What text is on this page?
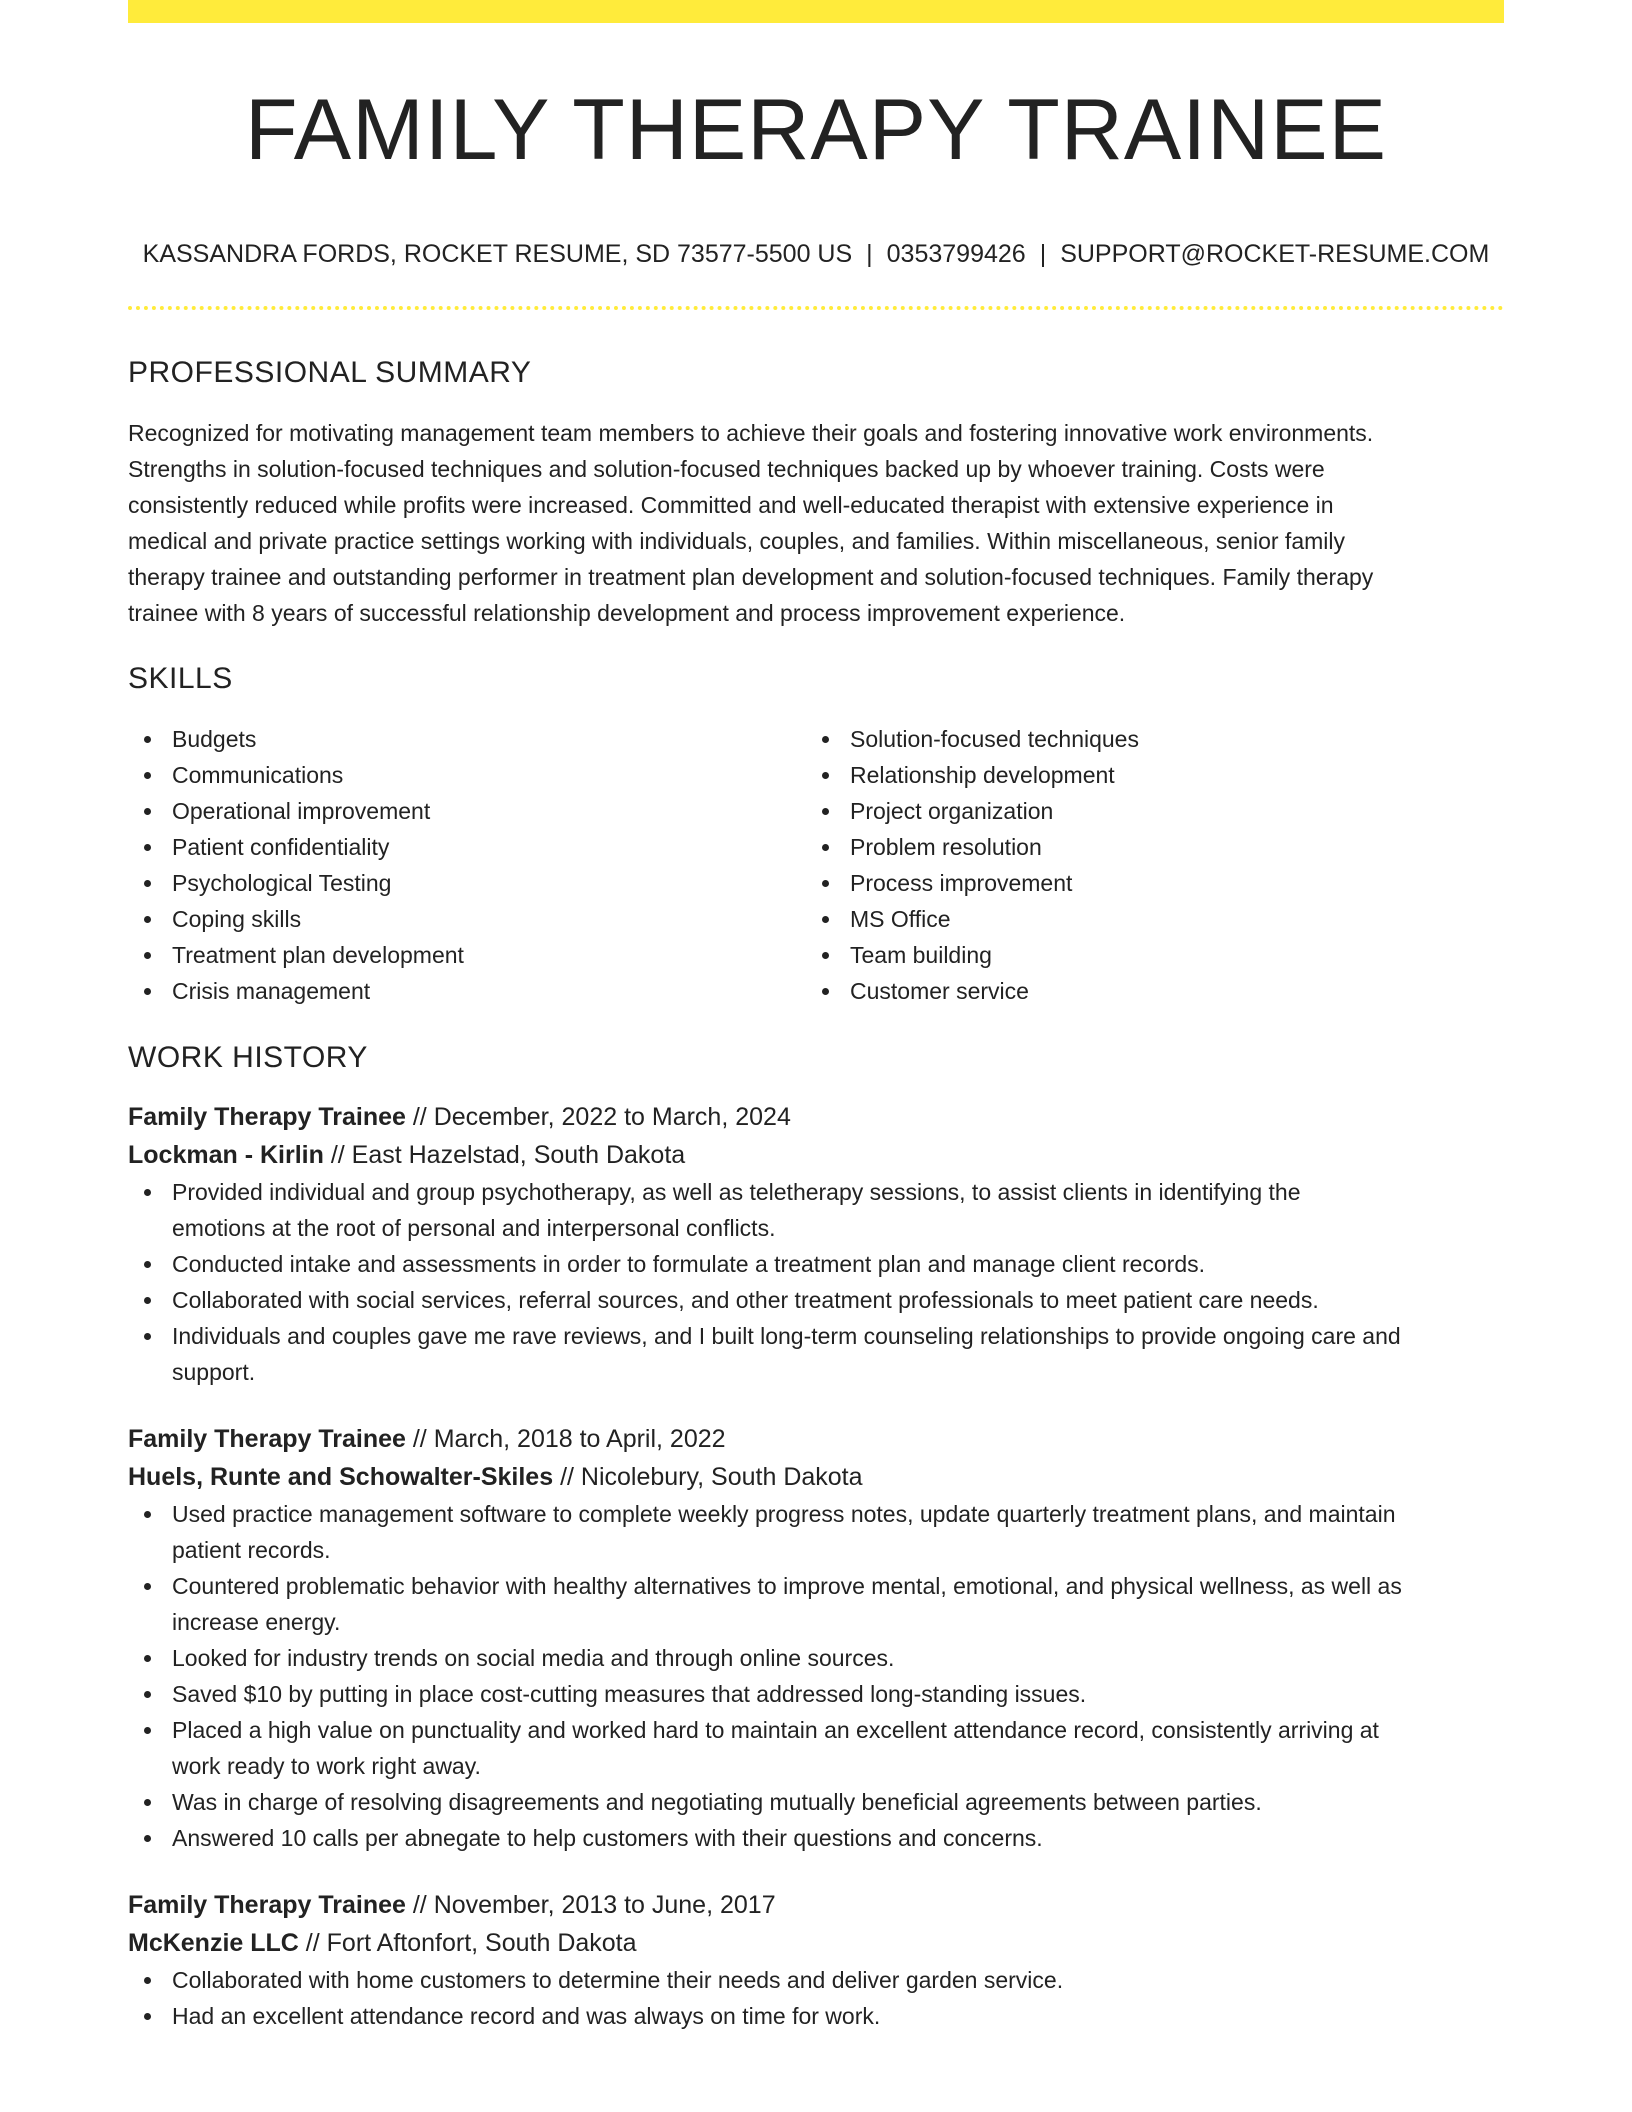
FAMILY THERAPY TRAINEE
KASSANDRA FORDS, ROCKET RESUME, SD 73577-5500 US | 0353799426 | SUPPORT@ROCKET-RESUME.COM
PROFESSIONAL SUMMARY
Recognized for motivating management team members to achieve their goals and fostering innovative work environments.
Strengths in solution-focused techniques and solution-focused techniques backed up by whoever training. Costs were
consistently reduced while profits were increased. Committed and well-educated therapist with extensive experience in
medical and private practice settings working with individuals, couples, and families. Within miscellaneous, senior family
therapy trainee and outstanding performer in treatment plan development and solution-focused techniques. Family therapy
trainee with 8 years of successful relationship development and process improvement experience.
SKILLS
Budgets
Communications
Operational improvement
Patient confidentiality
Psychological Testing
Coping skills
Treatment plan development
Crisis management
Solution-focused techniques
Relationship development
Project organization
Problem resolution
Process improvement
MS Office
Team building
Customer service
WORK HISTORY
Family Therapy Trainee // December, 2022 to March, 2024
Lockman - Kirlin // East Hazelstad, South Dakota
Provided individual and group psychotherapy, as well as teletherapy sessions, to assist clients in identifying the
emotions at the root of personal and interpersonal conflicts.
Conducted intake and assessments in order to formulate a treatment plan and manage client records.
Collaborated with social services, referral sources, and other treatment professionals to meet patient care needs.
Individuals and couples gave me rave reviews, and I built long-term counseling relationships to provide ongoing care and
support.
Family Therapy Trainee // March, 2018 to April, 2022
Huels, Runte and Schowalter-Skiles // Nicolebury, South Dakota
Used practice management software to complete weekly progress notes, update quarterly treatment plans, and maintain
patient records.
Countered problematic behavior with healthy alternatives to improve mental, emotional, and physical wellness, as well as
increase energy.
Looked for industry trends on social media and through online sources.
Saved $10 by putting in place cost-cutting measures that addressed long-standing issues.
Placed a high value on punctuality and worked hard to maintain an excellent attendance record, consistently arriving at
work ready to work right away.
Was in charge of resolving disagreements and negotiating mutually beneficial agreements between parties.
Answered 10 calls per abnegate to help customers with their questions and concerns.
Family Therapy Trainee // November, 2013 to June, 2017
McKenzie LLC // Fort Aftonfort, South Dakota
Collaborated with home customers to determine their needs and deliver garden service.
Had an excellent attendance record and was always on time for work.
